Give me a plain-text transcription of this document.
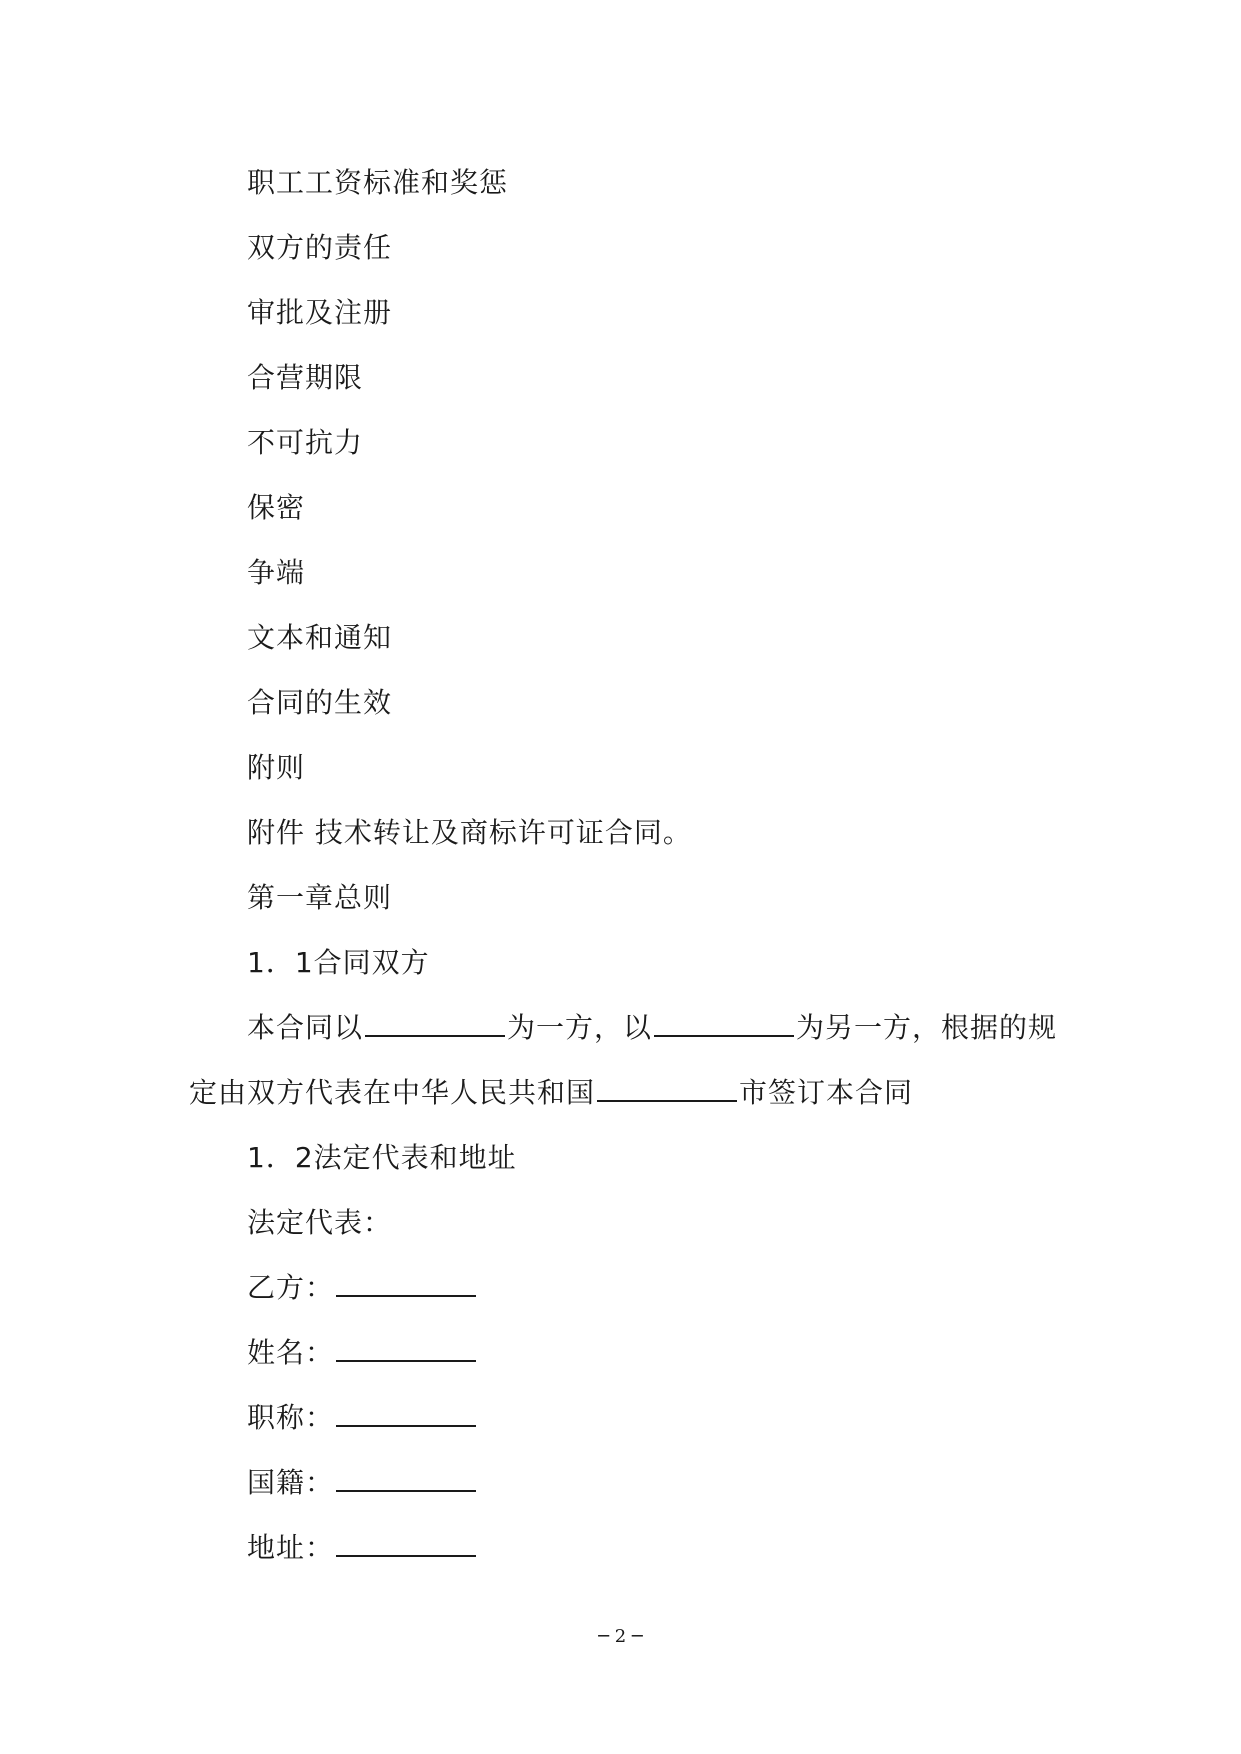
职工工资标准和奖惩
双方的责任
审批及注册
合营期限
不可抗力
保密
争端
文本和通知
合同的生效
附则
附件 技术转让及商标许可证合同。
第一章总则
1．1合同双方
本合同以	为一方，以	为另一方，根据的规定由双方代表在中华人民共和国	市签订本合同
1．2法定代表和地址
法定代表：
乙方：
姓名：
职称：
国籍：
地址：
─ 2 ─
